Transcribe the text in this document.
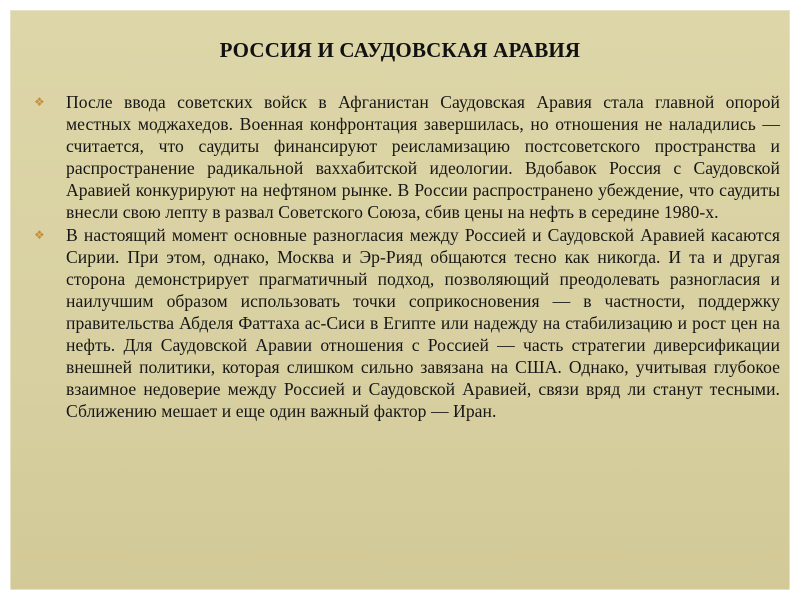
РОССИЯ И САУДОВСКАЯ АРАВИЯ
❖ После ввода советских войск в Афганистан Саудовская Аравия стала главной опорой местных моджахедов. Военная конфронтация завершилась, но отношения не наладились — считается, что саудиты финансируют реисламизацию постсоветского пространства и распространение радикальной ваххабитской идеологии. Вдобавок Россия с Саудовской Аравией конкурируют на нефтяном рынке. В России распространено убеждение, что саудиты внесли свою лепту в развал Советского Союза, сбив цены на нефть в середине 1980-х.

❖ В настоящий момент основные разногласия между Россией и Саудовской Аравией касаются Сирии. При этом, однако, Москва и Эр-Рияд общаются тесно как никогда. И та и другая сторона демонстрирует прагматичный подход, позволяющий преодолевать разногласия и наилучшим образом использовать точки соприкосновения — в частности, поддержку правительства Абделя Фаттаха ас-Сиси в Египте или надежду на стабилизацию и рост цен на нефть. Для Саудовской Аравии отношения с Россией — часть стратегии диверсификации внешней политики, которая слишком сильно завязана на США. Однако, учитывая глубокое взаимное недоверие между Россией и Саудовской Аравией, связи вряд ли станут тесными. Сближению мешает и еще один важный фактор — Иран.
